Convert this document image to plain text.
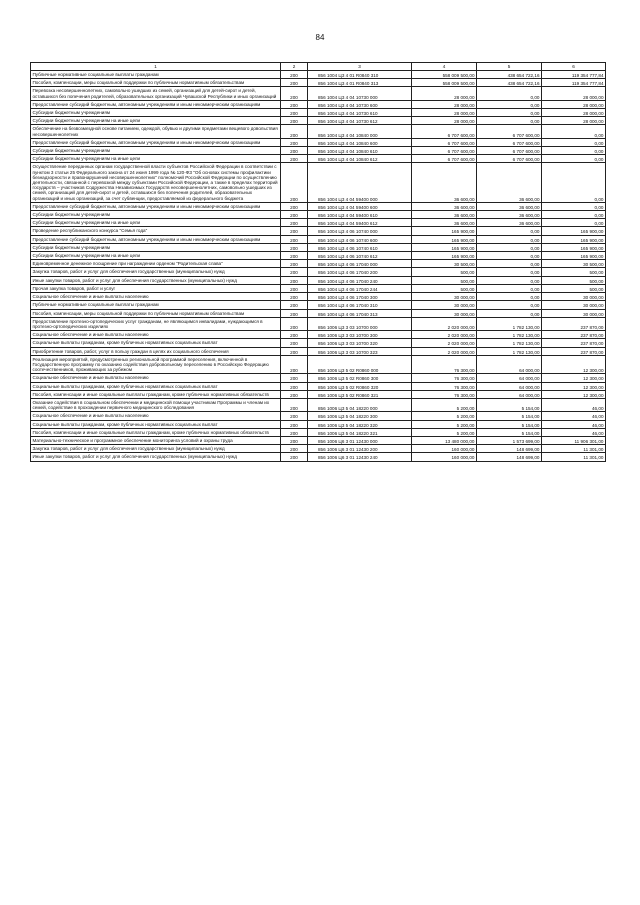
84
1	2	3	4	5	6
Публичные нормативные социальные выплаты гражданам	200	856 1004 Ц3 4 01 R0840 310	558 009 500,00	438 654 722,16	119 354 777,84
Пособия, компенсации, меры социальной поддержки по публичным нормативным обязательствам	200	856 1004 Ц3 4 01 R0840 313	558 009 500,00	438 654 722,16	119 354 777,84
Перевозка несовершеннолетних, самовольно ушедших из семей, организаций для детей-сирот и детей, оставшихся без попечения родителей, образовательных организаций Чувашской Республики и иных организаций	200	856 1004 Ц3 4 04 10730 000	28 000,00	0,00	28 000,00
Предоставление субсидий бюджетным, автономным учреждениям и иным некоммерческим организациям	200	856 1004 Ц3 4 04 10730 600	28 000,00	0,00	28 000,00
Субсидии бюджетным учреждениям	200	856 1004 Ц3 4 04 10730 610	28 000,00	0,00	28 000,00
Субсидии бюджетным учреждениям на иные цели	200	856 1004 Ц3 4 04 10730 612	28 000,00	0,00	28 000,00
Обеспечение на безвозмездной основе питанием, одеждой, обувью и другими предметами вещевого довольствия несовершеннолетних	200	856 1004 Ц3 4 04 10840 000	6 707 600,00	6 707 600,00	0,00
Предоставление субсидий бюджетным, автономным учреждениям и иным некоммерческим организациям	200	856 1004 Ц3 4 04 10840 600	6 707 600,00	6 707 600,00	0,00
Субсидии бюджетным учреждениям	200	856 1004 Ц3 4 04 10840 610	6 707 600,00	6 707 600,00	0,00
Субсидии бюджетным учреждениям на иные цели	200	856 1004 Ц3 4 04 10840 612	6 707 600,00	6 707 600,00	0,00
Осуществление переданных органам государственной власти субъектов Российской Федерации в соответствии с пунктом 3 статьи 25 Федерального закона от 24 июня 1999 года № 120-ФЗ "Об основах системы профилактики безнадзорности и правонарушений несовершеннолетних" полномочий Российской Федерации по осуществлению деятельности, связанной с перевозкой между субъектами Российской Федерации, а также в пределах территорий государств – участников Содружества Независимых Государств несовершеннолетних, самовольно ушедших из семей, организаций для детей-сирот и детей, оставшихся без попечения родителей, образовательных организаций и иных организаций, за счет субвенции, предоставляемой из федерального бюджета	200	856 1004 Ц3 4 04 59400 000	36 600,00	36 600,00	0,00
Предоставление субсидий бюджетным, автономным учреждениям и иным некоммерческим организациям	200	856 1004 Ц3 4 04 59400 600	36 600,00	36 600,00	0,00
Субсидии бюджетным учреждениям	200	856 1004 Ц3 4 04 59400 610	36 600,00	36 600,00	0,00
Субсидии бюджетным учреждениям на иные цели	200	856 1004 Ц3 4 04 59400 612	36 600,00	36 600,00	0,00
Проведение республиканского конкурса "Семья года"	200	856 1004 Ц3 4 06 10740 000	165 900,00	0,00	165 900,00
Предоставление субсидий бюджетным, автономным учреждениям и иным некоммерческим организациям	200	856 1004 Ц3 4 06 10740 600	165 900,00	0,00	165 900,00
Субсидии бюджетным учреждениям	200	856 1004 Ц3 4 06 10740 610	165 900,00	0,00	165 900,00
Субсидии бюджетным учреждениям на иные цели	200	856 1004 Ц3 4 06 10740 612	165 900,00	0,00	165 900,00
Единовременное денежное поощрение при награждении орденом "Родительская слава"	200	856 1004 Ц3 4 06 17040 000	30 500,00	0,00	30 500,00
Закупка товаров, работ и услуг для обеспечения государственных (муниципальных) нужд	200	856 1004 Ц3 4 06 17040 200	500,00	0,00	500,00
Иные закупки товаров, работ и услуг для обеспечения государственных (муниципальных) нужд	200	856 1004 Ц3 4 06 17040 240	500,00	0,00	500,00
Прочая закупка товаров, работ и услуг	200	856 1004 Ц3 4 06 17040 244	500,00	0,00	500,00
Социальное обеспечение и иные выплаты населению	200	856 1004 Ц3 4 06 17040 300	30 000,00	0,00	30 000,00
Публичные нормативные социальные выплаты гражданам	200	856 1004 Ц3 4 06 17040 310	30 000,00	0,00	30 000,00
Пособия, компенсации, меры социальной поддержки по публичным нормативным обязательствам	200	856 1004 Ц3 4 06 17040 313	30 000,00	0,00	30 000,00
Предоставление протезно-ортопедических услуг гражданам, не являющимся инвалидами, нуждающимся в протезно-ортопедических изделиях	200	856 1006 Ц3 3 03 10700 000	2 020 000,00	1 782 130,00	237 870,00
Социальное обеспечение и иные выплаты населению	200	856 1006 Ц3 3 03 10700 300	2 020 000,00	1 782 130,00	237 870,00
Социальные выплаты гражданам, кроме публичных нормативных социальных выплат	200	856 1006 Ц3 3 03 10700 320	2 020 000,00	1 782 130,00	237 870,00
Приобретение товаров, работ, услуг в пользу граждан в целях их социального обеспечения	200	856 1006 Ц3 3 03 10700 323	2 020 000,00	1 782 130,00	237 870,00
Реализация мероприятий, предусмотренных региональной программой переселения, включенной в Государственную программу по оказанию содействия добровольному переселению в Российскую Федерацию соотечественников, проживающих за рубежом	200	856 1006 Ц3 5 02 R0860 000	76 300,00	64 000,00	12 300,00
Социальное обеспечение и иные выплаты населению	200	856 1006 Ц3 5 02 R0860 300	76 300,00	64 000,00	12 300,00
Социальные выплаты гражданам, кроме публичных нормативных социальных выплат	200	856 1006 Ц3 5 02 R0860 320	76 300,00	64 000,00	12 300,00
Пособия, компенсации и иные социальные выплаты гражданам, кроме публичных нормативных обязательств	200	856 1006 Ц3 5 02 R0860 321	76 300,00	64 000,00	12 300,00
Оказание содействия в социальном обеспечении и медицинской помощи участникам Программы и членам их семей, содействие в прохождении первичного медицинского обследования	200	856 1006 Ц3 5 04 18220 000	5 200,00	5 154,00	46,00
Социальное обеспечение и иные выплаты населению	200	856 1006 Ц3 5 04 18220 300	5 200,00	5 154,00	46,00
Социальные выплаты гражданам, кроме публичных нормативных социальных выплат	200	856 1006 Ц3 5 04 18220 320	5 200,00	5 154,00	46,00
Пособия, компенсации и иные социальные выплаты гражданам, кроме публичных нормативных обязательств	200	856 1006 Ц3 5 04 18220 321	5 200,00	5 154,00	46,00
Материально-техническое и программное обеспечение мониторинга условий и охраны труда	200	856 1006 Ц6 3 01 12430 000	13 480 000,00	1 573 699,00	11 906 301,00
Закупка товаров, работ и услуг для обеспечения государственных (муниципальных) нужд	200	856 1006 Ц6 3 01 12430 200	160 000,00	148 699,00	11 301,00
Иные закупки товаров, работ и услуг для обеспечения государственных (муниципальных) нужд	200	856 1006 Ц6 3 01 12430 240	160 000,00	148 699,00	11 301,00
